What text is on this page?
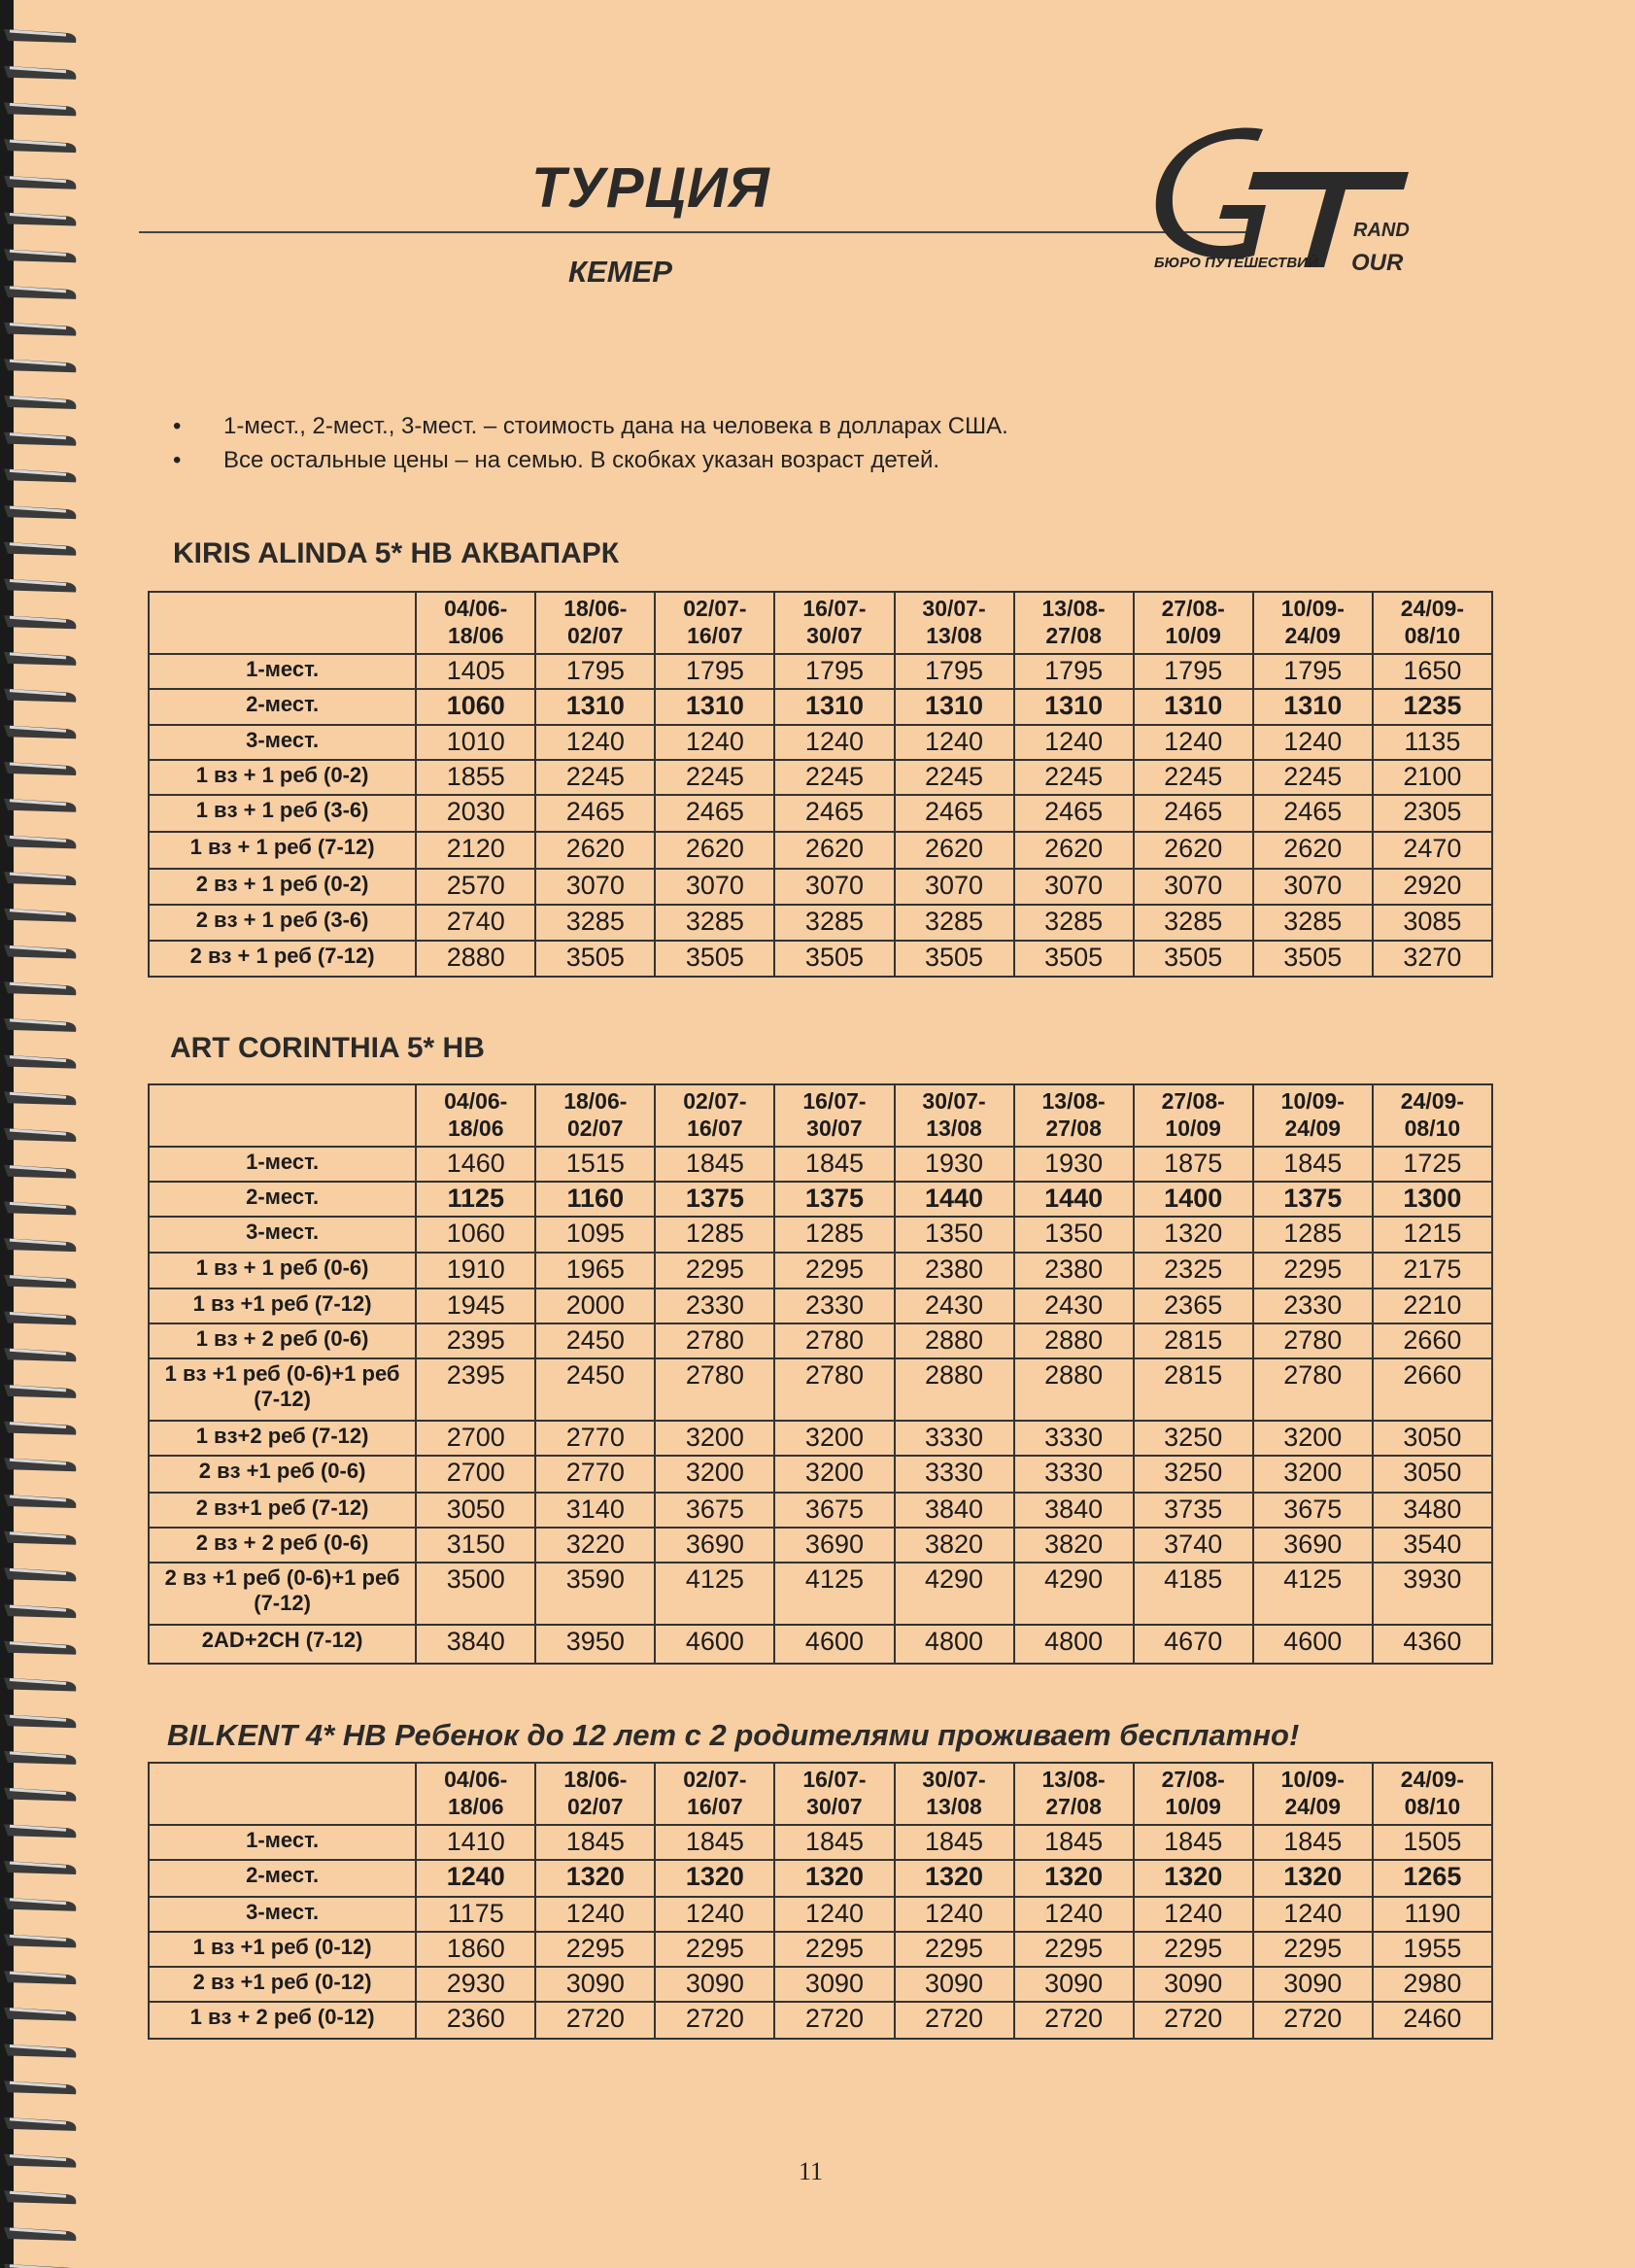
ТУРЦИЯ
КЕМЕР
RAND
OUR
БЮРО ПУТЕШЕСТВИЙ
• 1-мест., 2-мест., 3-мест. – стоимость дана на человека в долларах США.
• Все остальные цены – на семью. В скобках указан возраст детей.
KIRIS ALINDA 5* HB АКВАПАРК
	04/06-18/06	18/06-02/07	02/07-16/07	16/07-30/07	30/07-13/08	13/08-27/08	27/08-10/09	10/09-24/09	24/09-08/10
1-мест.	1405	1795	1795	1795	1795	1795	1795	1795	1650
2-мест.	1060	1310	1310	1310	1310	1310	1310	1310	1235
3-мест.	1010	1240	1240	1240	1240	1240	1240	1240	1135
1 вз + 1 реб (0-2)	1855	2245	2245	2245	2245	2245	2245	2245	2100
1 вз + 1 реб (3-6)	2030	2465	2465	2465	2465	2465	2465	2465	2305
1 вз + 1 реб (7-12)	2120	2620	2620	2620	2620	2620	2620	2620	2470
2 вз + 1 реб (0-2)	2570	3070	3070	3070	3070	3070	3070	3070	2920
2 вз + 1 реб (3-6)	2740	3285	3285	3285	3285	3285	3285	3285	3085
2 вз + 1 реб (7-12)	2880	3505	3505	3505	3505	3505	3505	3505	3270
ART CORINTHIA 5* HB
	04/06-18/06	18/06-02/07	02/07-16/07	16/07-30/07	30/07-13/08	13/08-27/08	27/08-10/09	10/09-24/09	24/09-08/10
1-мест.	1460	1515	1845	1845	1930	1930	1875	1845	1725
2-мест.	1125	1160	1375	1375	1440	1440	1400	1375	1300
3-мест.	1060	1095	1285	1285	1350	1350	1320	1285	1215
1 вз + 1 реб (0-6)	1910	1965	2295	2295	2380	2380	2325	2295	2175
1 вз +1 реб (7-12)	1945	2000	2330	2330	2430	2430	2365	2330	2210
1 вз + 2 реб (0-6)	2395	2450	2780	2780	2880	2880	2815	2780	2660
1 вз +1 реб (0-6)+1 реб (7-12)	2395	2450	2780	2780	2880	2880	2815	2780	2660
1 вз+2 реб (7-12)	2700	2770	3200	3200	3330	3330	3250	3200	3050
2 вз +1 реб (0-6)	2700	2770	3200	3200	3330	3330	3250	3200	3050
2 вз+1 реб (7-12)	3050	3140	3675	3675	3840	3840	3735	3675	3480
2 вз + 2 реб (0-6)	3150	3220	3690	3690	3820	3820	3740	3690	3540
2 вз +1 реб (0-6)+1 реб (7-12)	3500	3590	4125	4125	4290	4290	4185	4125	3930
2AD+2CH (7-12)	3840	3950	4600	4600	4800	4800	4670	4600	4360
BILKENT 4* HB Ребенок до 12 лет с 2 родителями проживает бесплатно!
	04/06-18/06	18/06-02/07	02/07-16/07	16/07-30/07	30/07-13/08	13/08-27/08	27/08-10/09	10/09-24/09	24/09-08/10
1-мест.	1410	1845	1845	1845	1845	1845	1845	1845	1505
2-мест.	1240	1320	1320	1320	1320	1320	1320	1320	1265
3-мест.	1175	1240	1240	1240	1240	1240	1240	1240	1190
1 вз +1 реб (0-12)	1860	2295	2295	2295	2295	2295	2295	2295	1955
2 вз +1 реб (0-12)	2930	3090	3090	3090	3090	3090	3090	3090	2980
1 вз + 2 реб (0-12)	2360	2720	2720	2720	2720	2720	2720	2720	2460
11
